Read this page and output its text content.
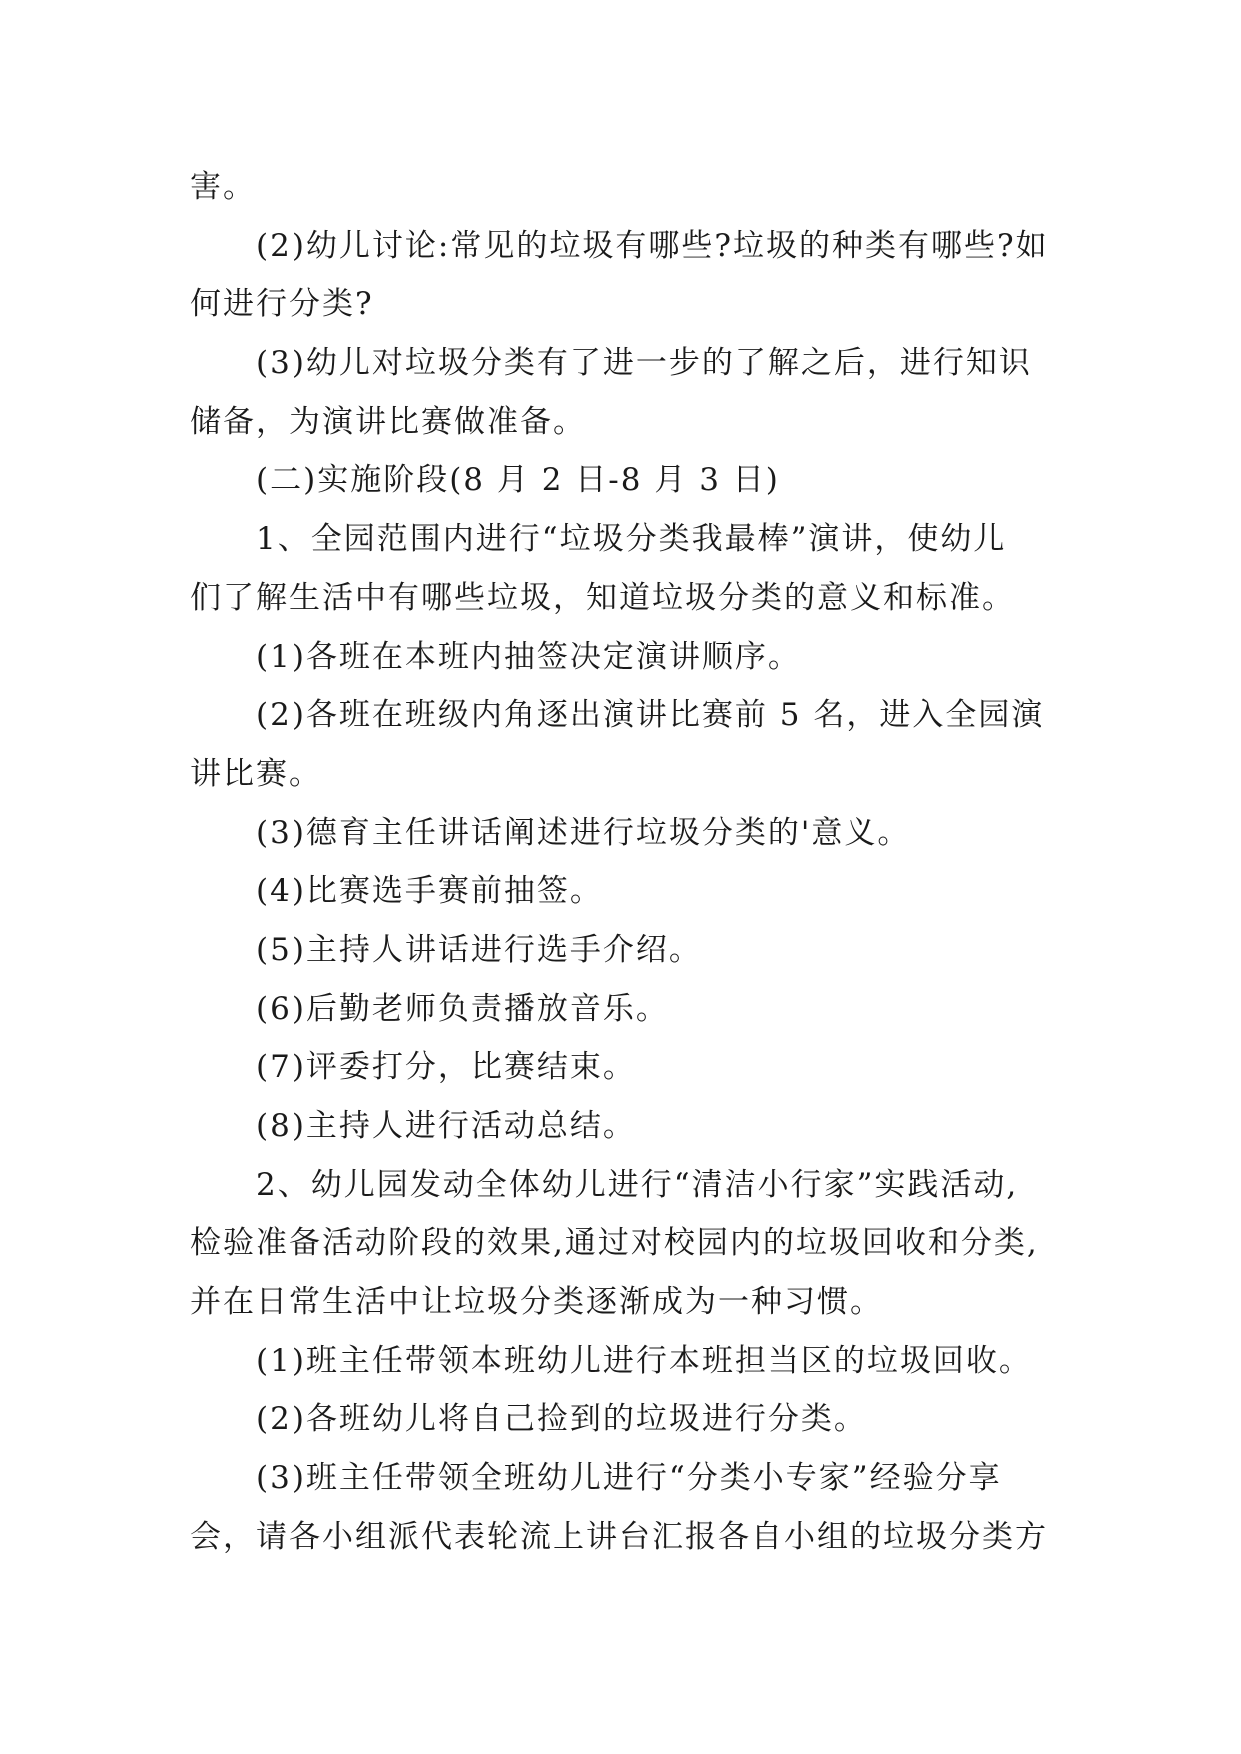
害。
(2)幼儿讨论:常见的垃圾有哪些?垃圾的种类有哪些?如
何进行分类?
(3)幼儿对垃圾分类有了进一步的了解之后，进行知识
储备，为演讲比赛做准备。
(二)实施阶段(8 月 2 日-8 月 3 日)
1、全园范围内进行“垃圾分类我最棒”演讲，使幼儿
们了解生活中有哪些垃圾，知道垃圾分类的意义和标准。
(1)各班在本班内抽签决定演讲顺序。
(2)各班在班级内角逐出演讲比赛前 5 名，进入全园演
讲比赛。
(3)德育主任讲话阐述进行垃圾分类的'意义。
(4)比赛选手赛前抽签。
(5)主持人讲话进行选手介绍。
(6)后勤老师负责播放音乐。
(7)评委打分，比赛结束。
(8)主持人进行活动总结。
2、幼儿园发动全体幼儿进行“清洁小行家”实践活动,
检验准备活动阶段的效果,通过对校园内的垃圾回收和分类,
并在日常生活中让垃圾分类逐渐成为一种习惯。
(1)班主任带领本班幼儿进行本班担当区的垃圾回收。
(2)各班幼儿将自己捡到的垃圾进行分类。
(3)班主任带领全班幼儿进行“分类小专家”经验分享
会，请各小组派代表轮流上讲台汇报各自小组的垃圾分类方
